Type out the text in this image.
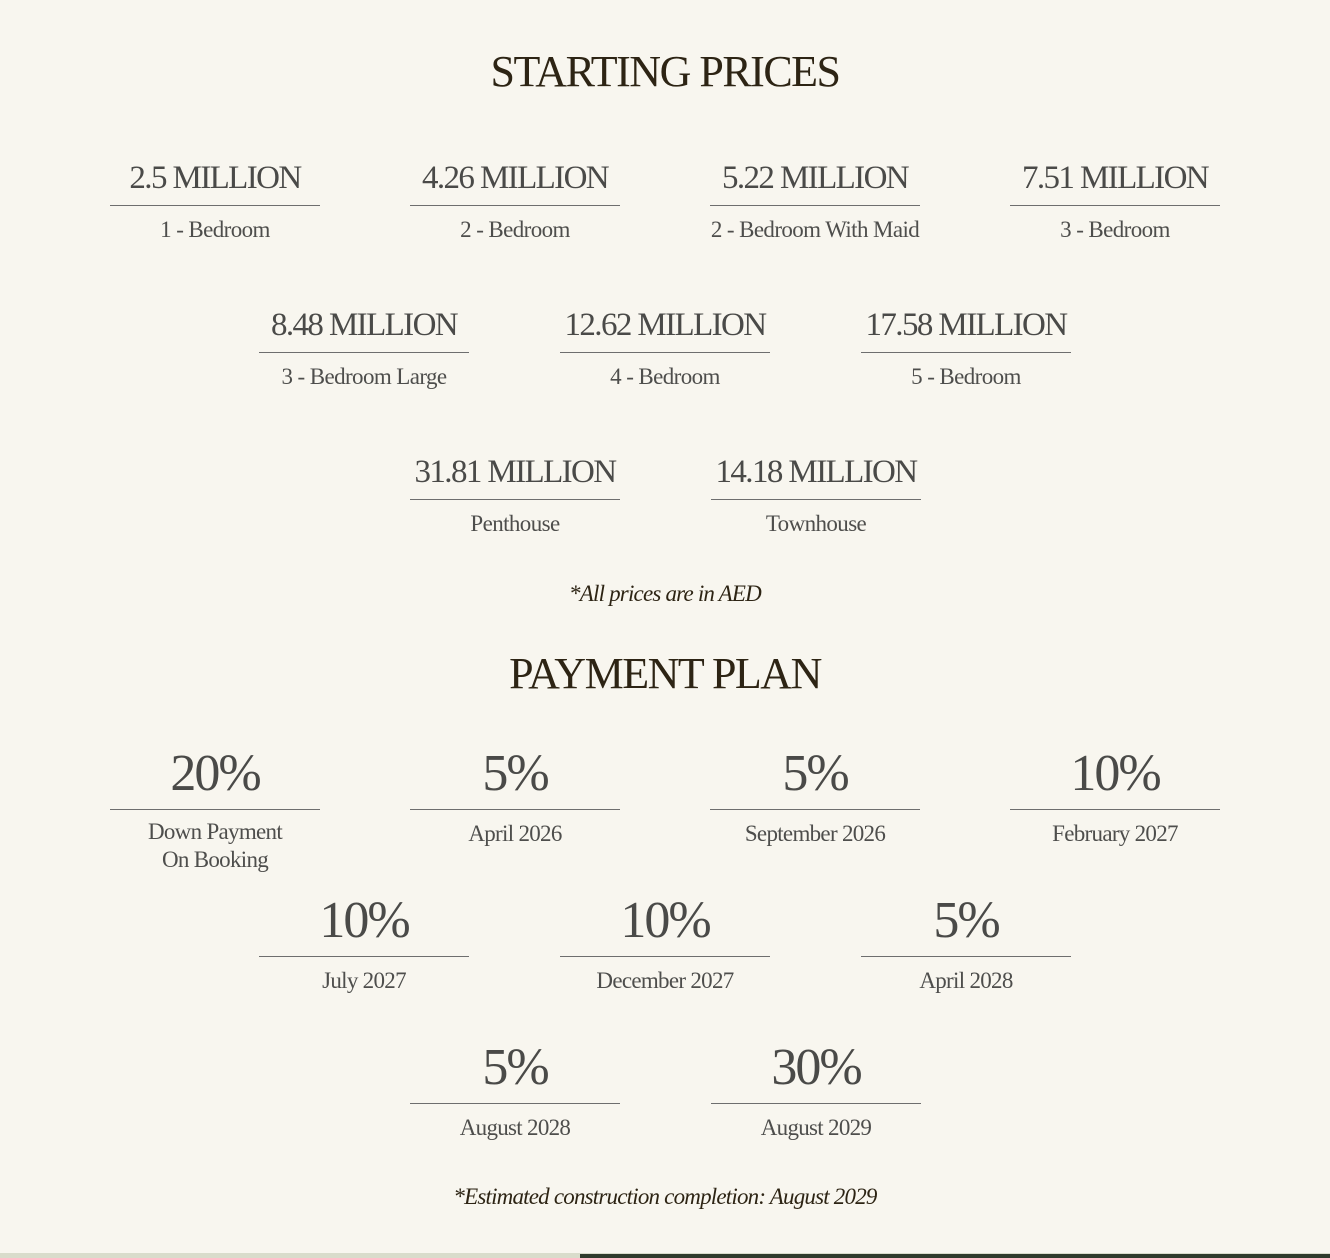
STARTING PRICES
2.5 MILLION
1 - Bedroom
4.26 MILLION
2 - Bedroom
5.22 MILLION
2 - Bedroom With Maid
7.51 MILLION
3 - Bedroom
8.48 MILLION
3 - Bedroom Large
12.62 MILLION
4 - Bedroom
17.58 MILLION
5 - Bedroom
31.81 MILLION
Penthouse
14.18 MILLION
Townhouse

*All prices are in AED

PAYMENT PLAN
20%
Down Payment
On Booking
5%
April 2026
5%
September 2026
10%
February 2027
10%
July 2027
10%
December 2027
5%
April 2028
5%
August 2028
30%
August 2029

*Estimated construction completion: August 2029
